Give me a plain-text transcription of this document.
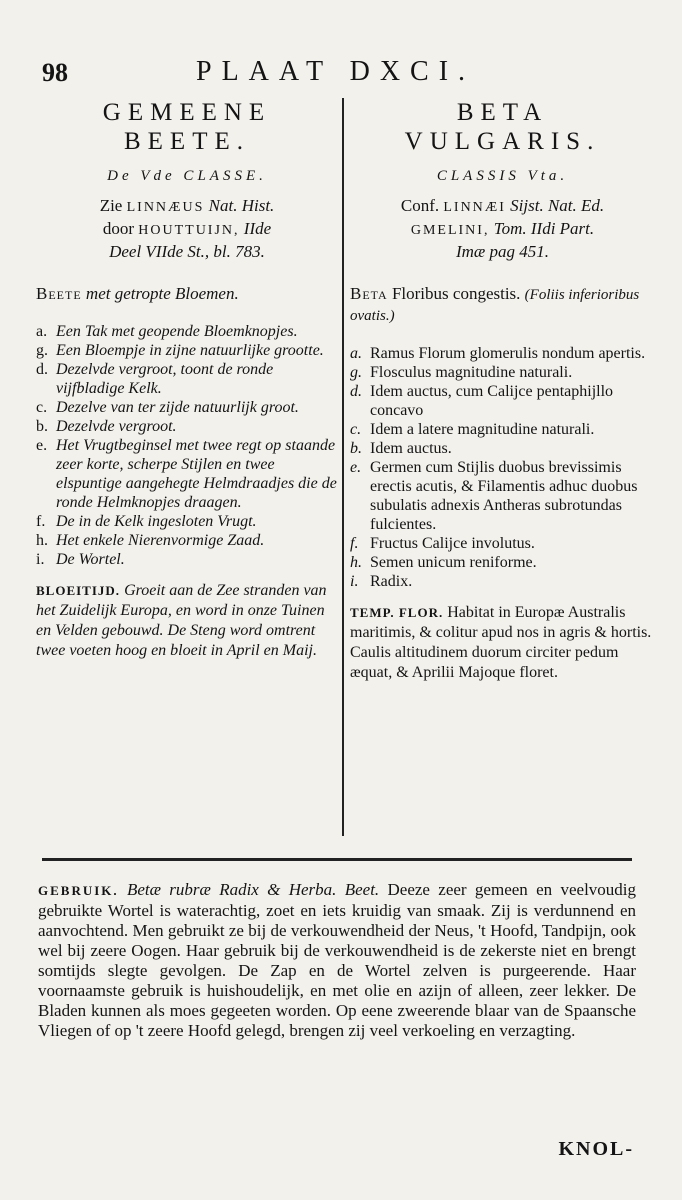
98	PLAAT DXCI.
GEMEENE
BEETE.
De Vde CLASSE.
Zie LINNÆUS Nat. Hist.
door HOUTTUIJN, IIde
Deel VIIde St., bl. 783.
Beete met getropte Bloemen.
a. Een Tak met geopende Bloemknopjes.
g. Een Bloempje in zijne natuurlijke grootte.
d. Dezelvde vergroot, toont de ronde vijfbladige Kelk.
c. Dezelve van ter zijde natuurlijk groot.
b. Dezelvde vergroot.
e. Het Vrugtbeginsel met twee regt op staande zeer korte, scherpe Stijlen en twee elspuntige aangehegte Helmdraadjes die de ronde Helmknopjes draagen.
f. De in de Kelk ingesloten Vrugt.
h. Het enkele Nierenvormige Zaad.
i. De Wortel.
BLOEITIJD. Groeit aan de Zee stranden van het Zuidelijk Europa, en word in onze Tuinen en Velden gebouwd. De Steng word omtrent twee voeten hoog en bloeit in April en Maij.
BETA
VULGARIS.
CLASSIS Vta.
Conf. LINNÆI Sijst. Nat. Ed.
GMELINI, Tom. IIdi Part.
Imæ pag 451.
Beta Floribus congestis. (Foliis inferioribus ovatis.)
a. Ramus Florum glomerulis nondum apertis.
g. Flosculus magnitudine naturali.
d. Idem auctus, cum Calijce pentaphijllo concavo
c. Idem a latere magnitudine naturali.
b. Idem auctus.
e. Germen cum Stijlis duobus brevissimis erectis acutis, & Filamentis adhuc duobus subulatis adnexis Antheras subrotundas fulcientes.
f. Fructus Calijce involutus.
h. Semen unicum reniforme.
i. Radix.
TEMP. FLOR. Habitat in Europæ Australis maritimis, & colitur apud nos in agris & hortis. Caulis altitudinem duorum circiter pedum æquat, & Aprilii Majoque floret.
GEBRUIK. Betæ rubræ Radix & Herba. Beet. Deeze zeer gemeen en veelvoudig gebruikte Wortel is waterachtig, zoet en iets kruidig van smaak. Zij is verdunnend en aanvochtend. Men gebruikt ze bij de verkouwendheid der Neus, 't Hoofd, Tandpijn, ook wel bij zeere Oogen. Haar gebruik bij de verkouwendheid is de zekerste niet en brengt somtijds slegte gevolgen. De Zap en de Wortel zelven is purgeerende. Haar voornaamste gebruik is huishoudelijk, en met olie en azijn of alleen, zeer lekker. De Bladen kunnen als moes gegeeten worden. Op eene zweerende blaar van de Spaansche Vliegen of op 't zeere Hoofd gelegd, brengen zij veel verkoeling en verzagting.
KNOL-
